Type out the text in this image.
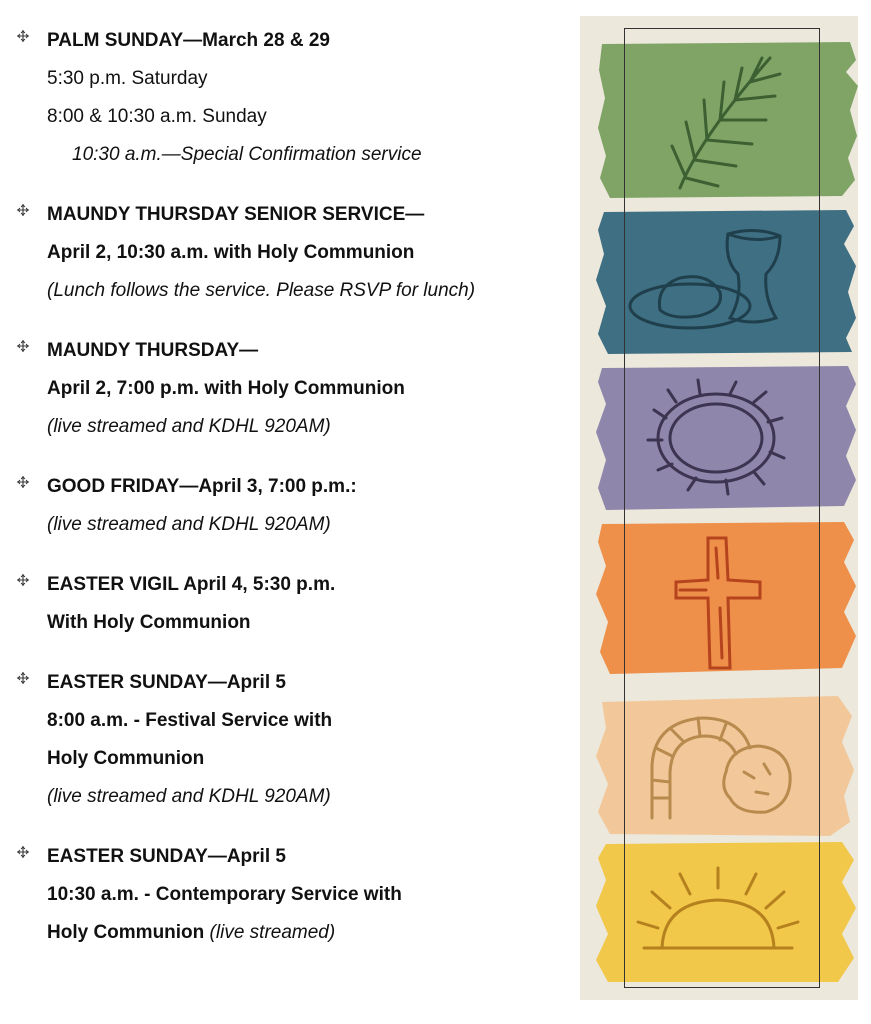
PALM SUNDAY—March 28 & 29
5:30 p.m. Saturday
8:00 & 10:30 a.m. Sunday
10:30 a.m.—Special Confirmation service
MAUNDY THURSDAY SENIOR SERVICE—
April 2, 10:30 a.m. with Holy Communion
(Lunch follows the service. Please RSVP for lunch)
MAUNDY THURSDAY—
April 2, 7:00 p.m. with Holy Communion
(live streamed and KDHL 920AM)
GOOD FRIDAY—April 3, 7:00 p.m.:
(live streamed and KDHL 920AM)
EASTER VIGIL April 4, 5:30 p.m.
With Holy Communion
EASTER SUNDAY—April 5
8:00 a.m. - Festival Service with
Holy Communion
(live streamed and KDHL 920AM)
EASTER SUNDAY—April 5
10:30 a.m. - Contemporary Service with
Holy Communion (live streamed)
